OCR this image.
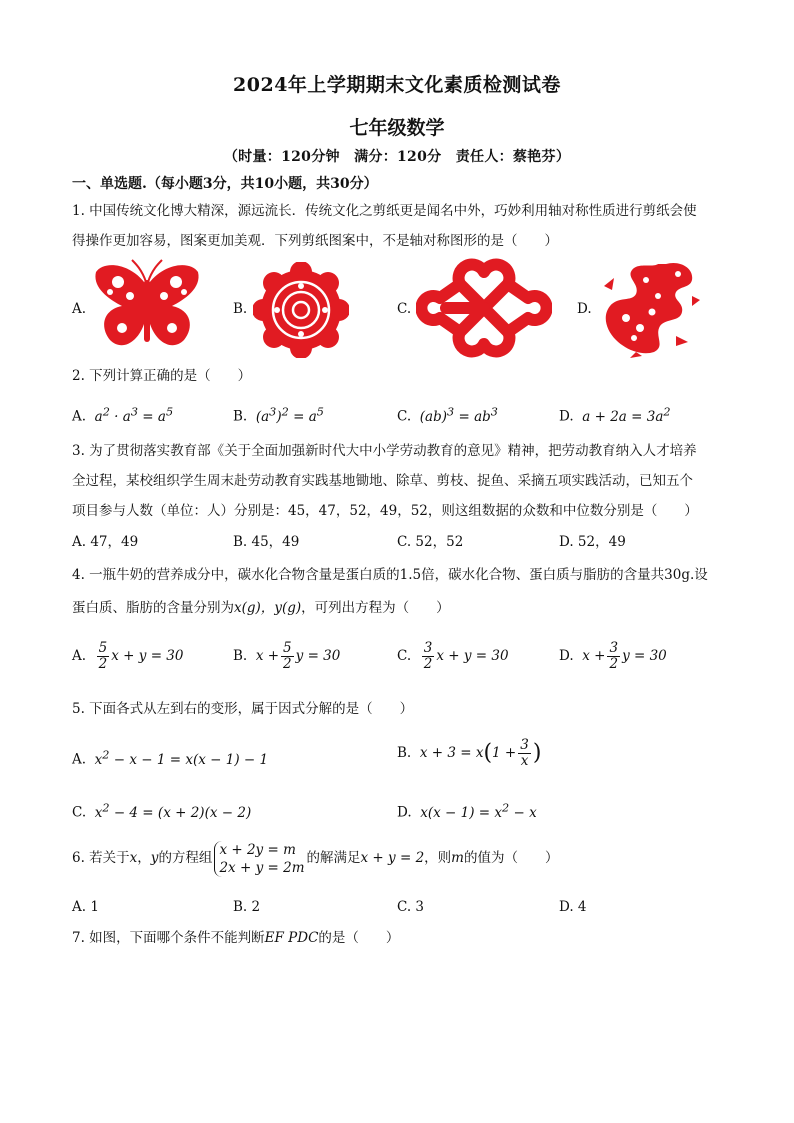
2024年上学期期末文化素质检测试卷
七年级数学
（时量：120分钟　满分：120分　责任人：蔡艳芬）
一、单选题.（每小题3分，共10小题，共30分）
1. 中国传统文化博大精深，源远流长．传统文化之剪纸更是闻名中外，巧妙利用轴对称性质进行剪纸会使
得操作更加容易，图案更加美观．下列剪纸图案中，不是轴对称图形的是（　　）
A.	B.	C.	D.
2. 下列计算正确的是（　　）
A. $a^2 \cdot a^3 = a^5$	B. $(a^3)^2 = a^5$	C. $(ab)^3 = ab^3$	D. $a + 2a = 3a^2$
3. 为了贯彻落实教育部《关于全面加强新时代大中小学劳动教育的意见》精神，把劳动教育纳入人才培养
全过程，某校组织学生周末赴劳动教育实践基地锄地、除草、剪枝、捉鱼、采摘五项实践活动，已知五个
项目参与人数（单位：人）分别是：45，47，52，49，52，则这组数据的众数和中位数分别是（　　）
A. 47，49	B. 45，49	C. 52，52	D. 52，49
4. 一瓶牛奶的营养成分中，碳水化合物含量是蛋白质的1.5倍，碳水化合物、蛋白质与脂肪的含量共30g.设
蛋白质、脂肪的含量分别为x(g)，y(g)，可列出方程为（　　）
A. $\frac{5}{2}$ x + y = 30	B. $x + \frac{5}{2}$ y = 30	C. $\frac{3}{2}$ x + y = 30	D. $x + \frac{3}{2}$ y = 30
5. 下面各式从左到右的变形，属于因式分解的是（　　）
A. $x^2 - x - 1 = x(x - 1) - 1$	B. $x + 3 = x(1 + \frac{3}{x}$ )
C. $x^2 - 4 = (x + 2)(x - 2)$	D. $x(x - 1) = x^2 - x$
6. 若关于x，y的方程组
x + 2y = m
2x + y = 2m
的解满足x + y = 2，则m的值为（　　）
A. 1	B. 2	C. 3	D. 4
7. 如图，下面哪个条件不能判断EF PDC的是（　　）
